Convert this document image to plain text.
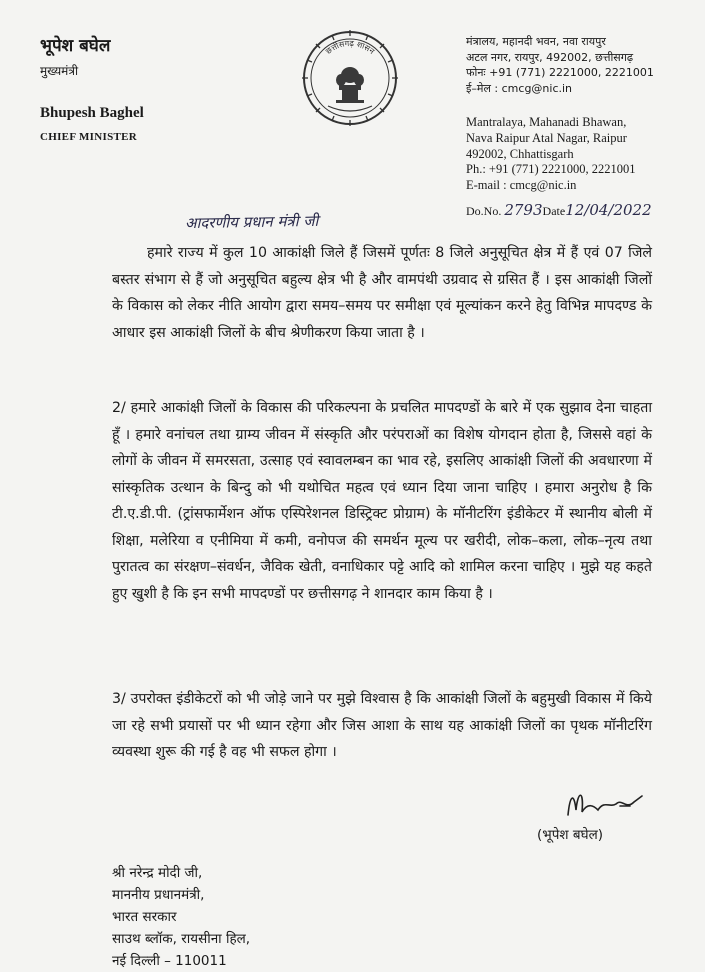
भूपेश बघेल
मुख्यमंत्री
Bhupesh Baghel
CHIEF MINISTER
छत्तीसगढ़ शासन
मंत्रालय, महानदी भवन, नवा रायपुर
अटल नगर, रायपुर, 492002, छत्तीसगढ़
फोनः +91 (771) 2221000, 2221001
ई–मेल : cmcg@nic.in
Mantralaya, Mahanadi Bhawan,
Nava Raipur Atal Nagar, Raipur
492002, Chhattisgarh
Ph.: +91 (771) 2221000, 2221001
E-mail : cmcg@nic.in
Do.No. 2793Date12/04/2022
आदरणीय प्रधान मंत्री जी
हमारे राज्य में कुल 10 आकांक्षी जिले हैं जिसमें पूर्णतः 8 जिले अनुसूचित क्षेत्र में हैं एवं 07 जिले बस्तर संभाग से हैं जो अनुसूचित बहुल्य क्षेत्र भी है और वामपंथी उग्रवाद से ग्रसित हैं । इस आकांक्षी जिलों के विकास को लेकर नीति आयोग द्वारा समय–समय पर समीक्षा एवं मूल्यांकन करने हेतु विभिन्न मापदण्ड के आधार इस आकांक्षी जिलों के बीच श्रेणीकरण किया जाता है ।
2/ हमारे आकांक्षी जिलों के विकास की परिकल्पना के प्रचलित मापदण्डों के बारे में एक सुझाव देना चाहता हूँ । हमारे वनांचल तथा ग्राम्य जीवन में संस्कृति और परंपराओं का विशेष योगदान होता है, जिससे वहां के लोगों के जीवन में समरसता, उत्साह एवं स्वावलम्बन का भाव रहे, इसलिए आकांक्षी जिलों की अवधारणा में सांस्कृतिक उत्थान के बिन्दु को भी यथोचित महत्व एवं ध्यान दिया जाना चाहिए । हमारा अनुरोध है कि टी.ए.डी.पी. (ट्रांसफार्मेशन ऑफ एस्पिरेशनल डिस्ट्रिक्ट प्रोग्राम) के मॉनीटरिंग इंडीकेटर में स्थानीय बोली में शिक्षा, मलेरिया व एनीमिया में कमी, वनोपज की समर्थन मूल्य पर खरीदी, लोक–कला, लोक–नृत्य तथा पुरातत्व का संरक्षण–संवर्धन, जैविक खेती, वनाधिकार पट्टे आदि को शामिल करना चाहिए । मुझे यह कहते हुए खुशी है कि इन सभी मापदण्डों पर छत्तीसगढ़ ने शानदार काम किया है ।
3/ उपरोक्त इंडीकेटरों को भी जोड़े जाने पर मुझे विश्वास है कि आकांक्षी जिलों के बहुमुखी विकास में किये जा रहे सभी प्रयासों पर भी ध्यान रहेगा और जिस आशा के साथ यह आकांक्षी जिलों का पृथक मॉनीटरिंग व्यवस्था शुरू की गई है वह भी सफल होगा ।
(भूपेश बघेल)
श्री नरेन्द्र मोदी जी,
माननीय प्रधानमंत्री,
भारत सरकार
साउथ ब्लॉक, रायसीना हिल,
नई दिल्ली – 110011
